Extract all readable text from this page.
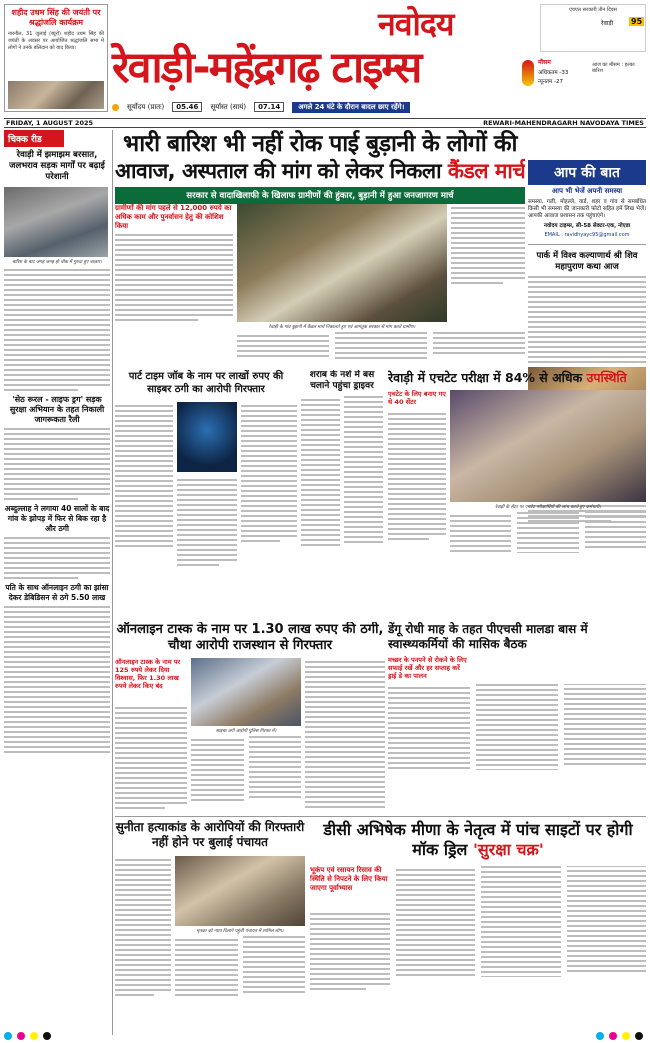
शहीद उधम सिंह की जयंती पर श्रद्धांजलि कार्यक्रम
नारनौल, 31 जुलाई (ब्यूरो) शहीद उधम सिंह की जयंती के अवसर पर आयोजित श्रद्धांजलि सभा में लोगों ने उनके बलिदान को याद किया।
नवोदय
रेवाड़ी-महेंद्रगढ़ टाइम्स
एचएल सरकारी तीन दिवस
रेवाड़ी 95
मौसम
अधिकतम -33
न्यूनतम -27
आज का मौसम : हल्का बारिश
सूर्योदय (प्रातः)	05.46	सूर्यास्त (सायं)	07.14	अगले 24 घंटे के दौरान बादल छाए रहेंगे।
FRIDAY, 1 AUGUST 2025	REWARI-MAHENDRAGARH NAVODAYA TIMES
चिक्क रीड
रेवाड़ी में झमाझम बरसात, जलभराव सड़क मार्गों पर बढ़ाई परेशानी
बारिश के बाद जगह जगह हो चौक में गुरुदा हुए बाज़ार।
'सेठ रूरल - लाइफ ड्रग' सड़क सुरक्षा अभियान के तहत निकाली जागरूकता रैली
अब्दुल्लाह ने लगाया 40 सालों के बाद गांव के झोपड़ में फिर से बिक रहा है और ठगी
पति के साथ ऑनलाइन ठगी का झांसा देकर डेबिडिसन से ठगे 5.50 लाख
भारी बारिश भी नहीं रोक पाई बुड़ानी के लोगों की
आवाज, अस्पताल की मांग को लेकर निकला कैंडल मार्च
सरकार से वादाखिलाफी के खिलाफ ग्रामीणों की हुंकार, बुड़ानी में हुआ जनजागरण मार्च
ग्रामीणों की मांग पहले से 12,000 रुपये का अधिक काम और पुनर्वासन हेतु की कोशिश किया
रेवाड़ी के गांव बुड़ानी में कैंडल मार्च निकालते हुए एवं आगंतुक सरकार से मांग करते ग्रामीण।
आप की बात
आप भी भेजें अपनी समस्या
समस्या, गली, मोहल्ले, वार्ड, शहर व गांव से समबंधित किसी भी समस्या की जानकारी फोटो सहित हमें लिख भेजें। आपकी आवाज प्रशासन तक पहुंचाएंगे।
नवोदय टाइम्स, सी-58 सेक्टर-एक, नोएडा
EMAIL : ravidhyayc95@gmail.com
पार्क में विश्व कल्याणार्थ श्री शिव महापुराण कथा आज
पार्ट टाइम जॉब के नाम पर लाखों रुपए की साइबर ठगी का आरोपी गिरफ्तार
शराब के नशे में बस चलाने पहुंचा ड्राइवर
रेवाड़ी में एचटेट परीक्षा में 84% से अधिक उपस्थिति
एचटेट के लिए बनाए गए थे 40 सेंटर
रेवाड़ी के सेंटर पर एचटेट परीक्षार्थियों की जांच करते हुए कर्मचारी।
डेंगू रोधी माह के तहत पीएचसी मालडा बास में स्वास्थ्यकर्मियों की मासिक बैठक
मच्छर के पनपने से रोकने के लिए सफाई रखें और हर सप्ताह करें ड्राई डे का पालन
ऑनलाइन टास्क के नाम पर 1.30 लाख रुपए की ठगी, चौथा आरोपी राजस्थान से गिरफ्तार
ऑनलाइन टास्क के नाम पर 125 रुपये लेकर दिया विश्वास, फिर 1.30 लाख रुपये लेकर किए बंद
साइबर ठगी आरोपी पुलिस गिरफ्त में।
सुनीता हत्याकांड के आरोपियों की गिरफ्तारी नहीं होने पर बुलाई पंचायत
मृतका को न्याय दिलाने पहुंची पंचायत में शामिल लोग।
डीसी अभिषेक मीणा के नेतृत्व में पांच साइटों पर होगी मॉक ड्रिल 'सुरक्षा चक्र'
भूकंप एवं रसायन रिसाव की स्थिति से निपटने के लिए किया जाएगा पूर्वाभ्यास
